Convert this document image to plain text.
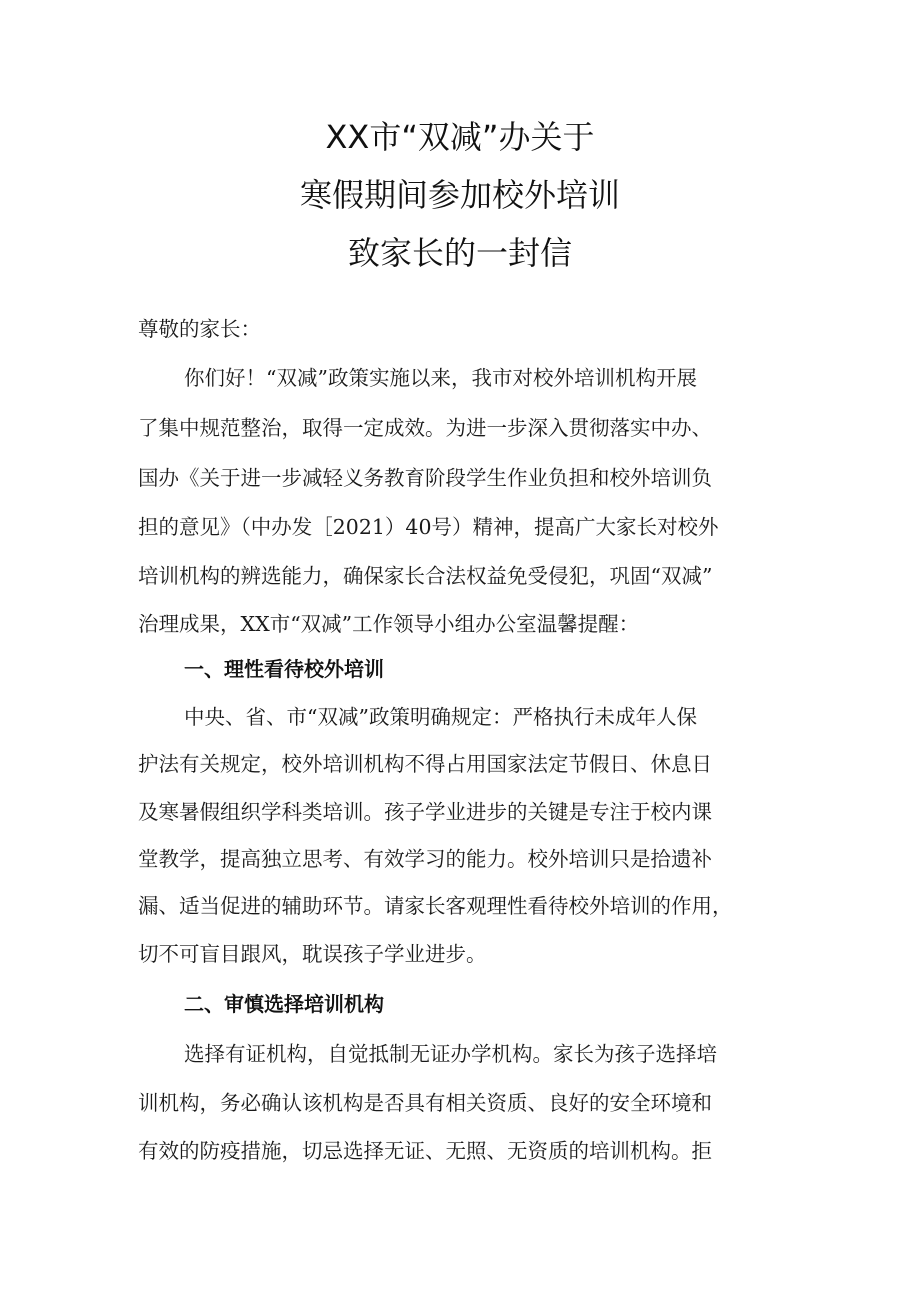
XX市“双减”办关于
寒假期间参加校外培训
致家长的一封信
尊敬的家长：
你们好！“双减”政策实施以来，我市对校外培训机构开展
了集中规范整治，取得一定成效。为进一步深入贯彻落实中办、
国办《关于进一步减轻义务教育阶段学生作业负担和校外培训负
担的意见》（中办发［2021）40号）精神，提高广大家长对校外
培训机构的辨选能力，确保家长合法权益免受侵犯，巩固“双减”
治理成果，XX市“双减”工作领导小组办公室温馨提醒：
一、理性看待校外培训
中央、省、市“双减”政策明确规定：严格执行未成年人保
护法有关规定，校外培训机构不得占用国家法定节假日、休息日
及寒暑假组织学科类培训。孩子学业进步的关键是专注于校内课
堂教学，提高独立思考、有效学习的能力。校外培训只是拾遗补
漏、适当促进的辅助环节。请家长客观理性看待校外培训的作用，
切不可盲目跟风，耽误孩子学业进步。
二、审慎选择培训机构
选择有证机构，自觉抵制无证办学机构。家长为孩子选择培
训机构，务必确认该机构是否具有相关资质、良好的安全环境和
有效的防疫措施，切忌选择无证、无照、无资质的培训机构。拒
